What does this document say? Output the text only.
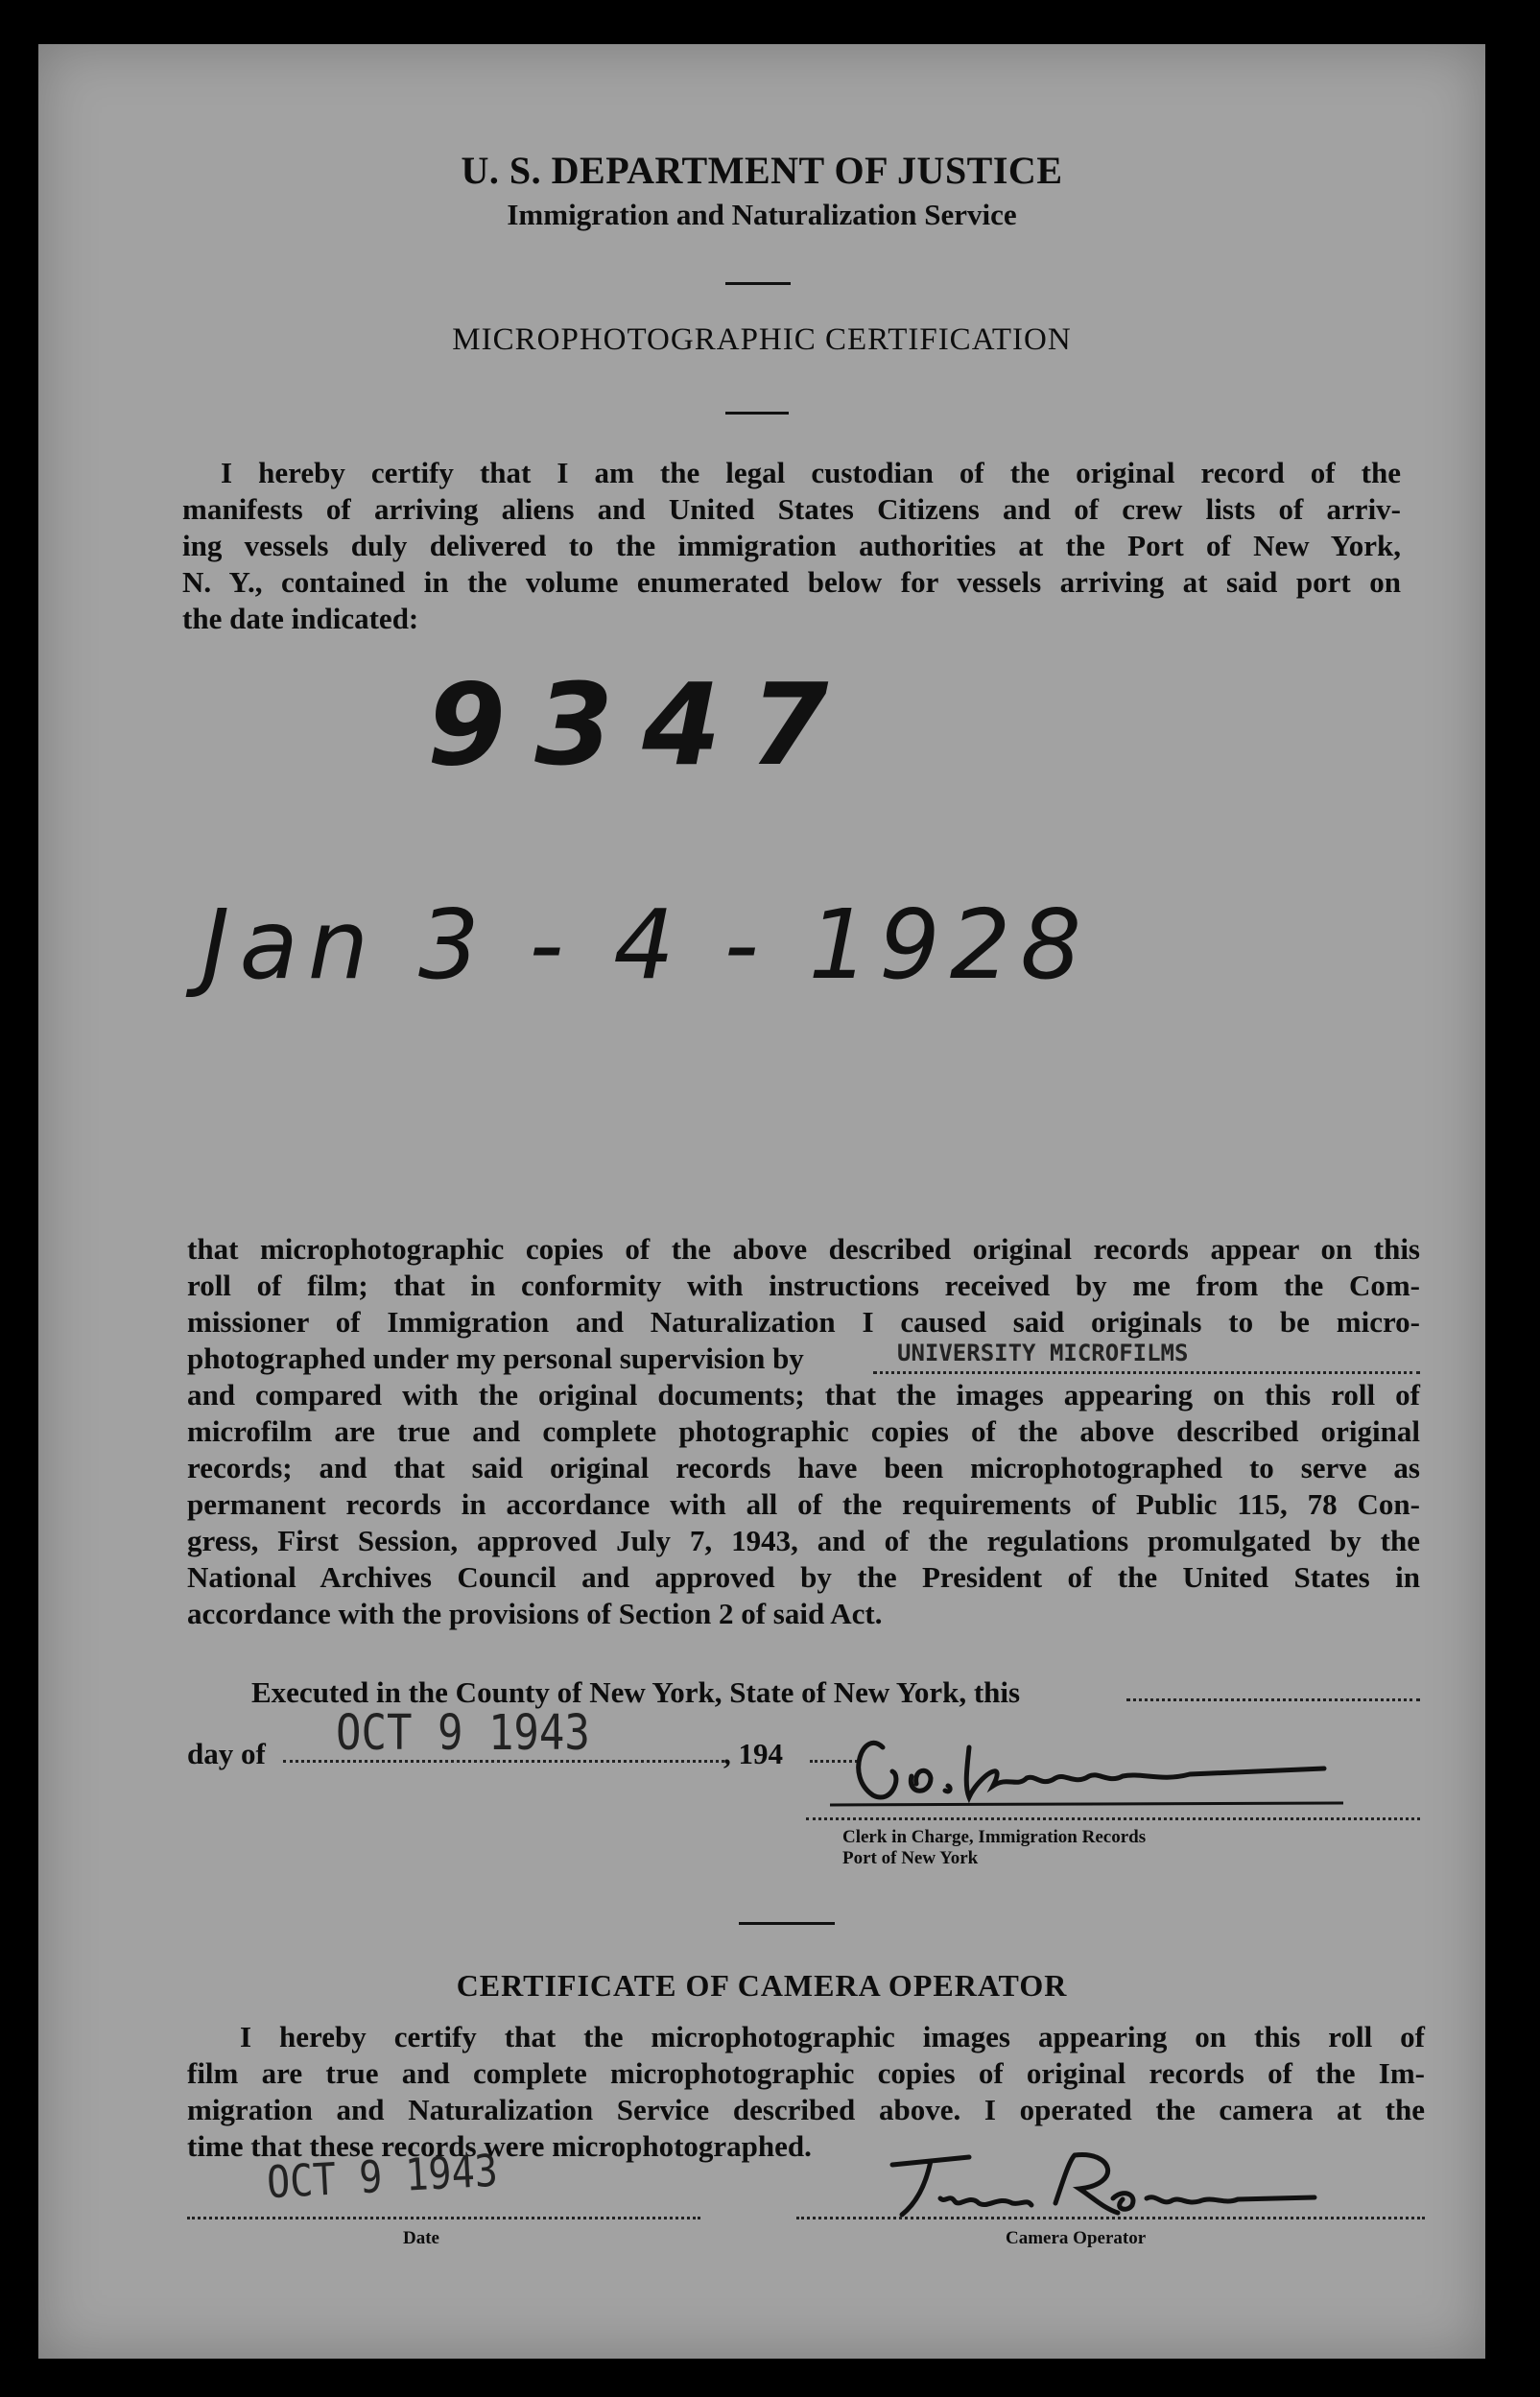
U. S. DEPARTMENT OF JUSTICE
Immigration and Naturalization Service
MICROPHOTOGRAPHIC CERTIFICATION
I hereby certify that I am the legal custodian of the original record of the
manifests of arriving aliens and United States Citizens and of crew lists of arriv-
ing vessels duly delivered to the immigration authorities at the Port of New York,
N. Y., contained in the volume enumerated below for vessels arriving at said port on
the date indicated:
9347
Jan 3 - 4 - 1928
that microphotographic copies of the above described original records appear on this
roll of film; that in conformity with instructions received by me from the Com-
missioner of Immigration and Naturalization I caused said originals to be micro-
photographed under my personal supervision by
and compared with the original documents; that the images appearing on this roll of
microfilm are true and complete photographic copies of the above described original
records; and that said original records have been microphotographed to serve as
permanent records in accordance with all of the requirements of Public 115, 78 Con-
gress, First Session, approved July 7, 1943, and of the regulations promulgated by the
National Archives Council and approved by the President of the United States in
accordance with the provisions of Section 2 of said Act.
UNIVERSITY MICROFILMS
Executed in the County of New York, State of New York, this
day of OCT 9 1943	, 194
Clerk in Charge, Immigration Records
Port of New York
CERTIFICATE OF CAMERA OPERATOR
I hereby certify that the microphotographic images appearing on this roll of
film are true and complete microphotographic copies of original records of the Im-
migration and Naturalization Service described above. I operated the camera at the
time that these records were microphotographed.
OCT 9 1943
Date	Camera Operator
